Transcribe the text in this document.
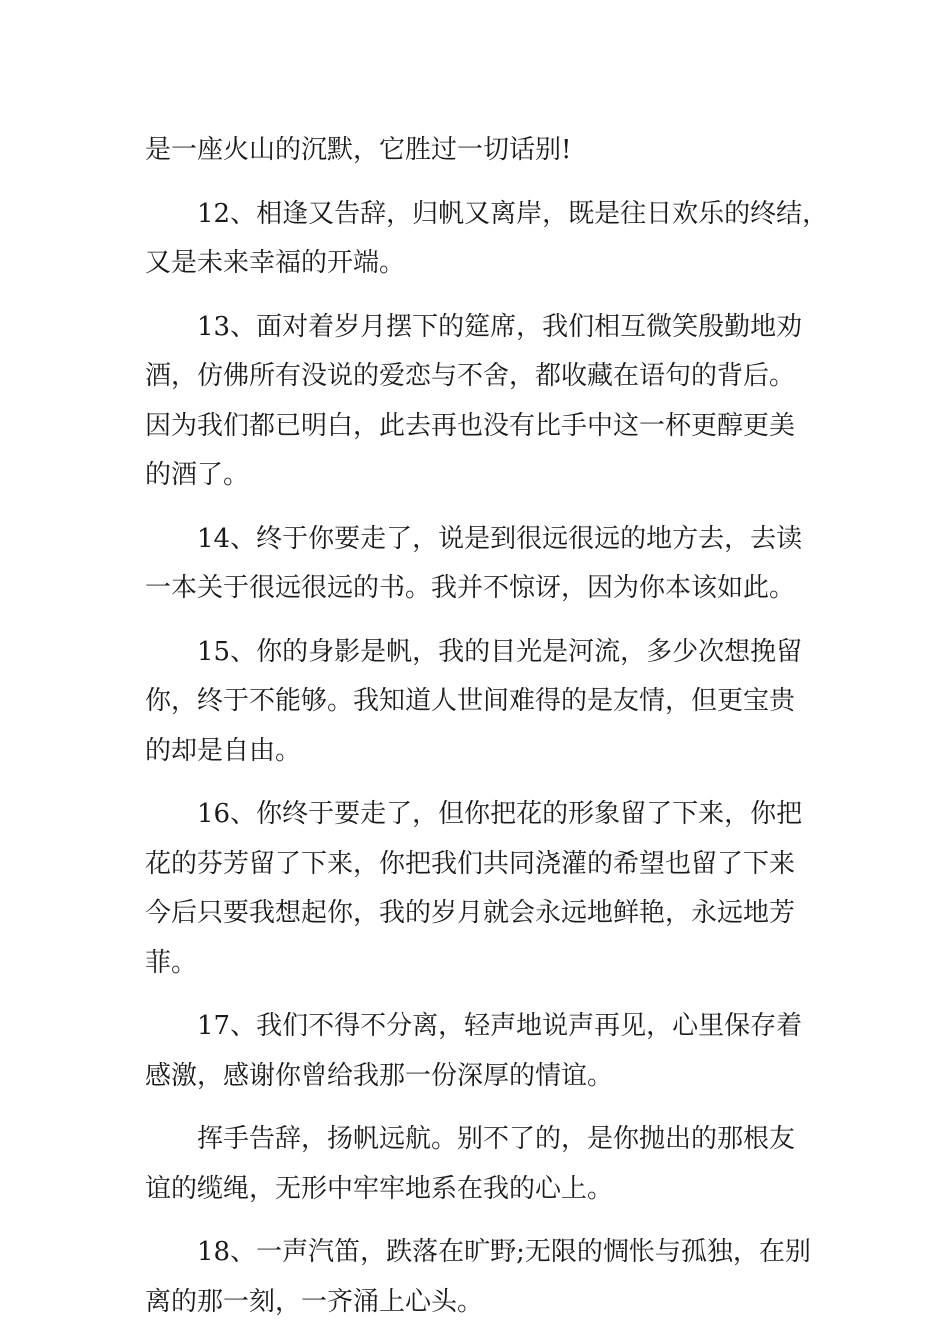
是一座火山的沉默，它胜过一切话别!

12、相逢又告辞，归帆又离岸，既是往日欢乐的终结，

又是未来幸福的开端。

13、面对着岁月摆下的筵席，我们相互微笑殷勤地劝

酒，仿佛所有没说的爱恋与不舍，都收藏在语句的背后。

因为我们都已明白，此去再也没有比手中这一杯更醇更美

的酒了。

14、终于你要走了，说是到很远很远的地方去，去读

一本关于很远很远的书。我并不惊讶，因为你本该如此。

15、你的身影是帆，我的目光是河流，多少次想挽留

你，终于不能够。我知道人世间难得的是友情，但更宝贵

的却是自由。

16、你终于要走了，但你把花的形象留了下来，你把

花的芬芳留了下来，你把我们共同浇灌的希望也留了下来

今后只要我想起你，我的岁月就会永远地鲜艳，永远地芳

菲。

17、我们不得不分离，轻声地说声再见，心里保存着

感激，感谢你曾给我那一份深厚的情谊。

挥手告辞，扬帆远航。别不了的，是你抛出的那根友

谊的缆绳，无形中牢牢地系在我的心上。

18、一声汽笛，跌落在旷野;无限的惆怅与孤独，在别

离的那一刻，一齐涌上心头。
